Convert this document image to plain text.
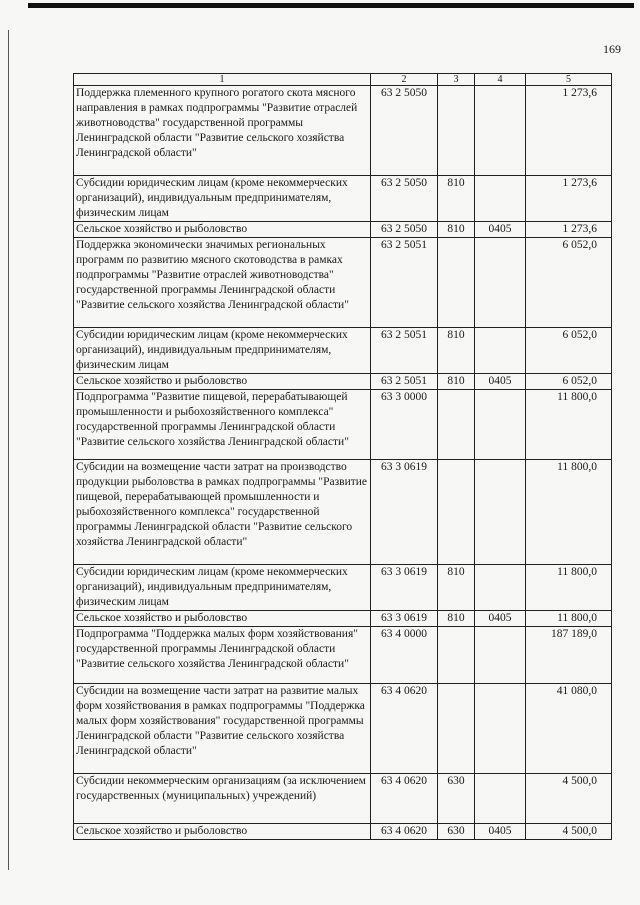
169
1	2	3	4	5
Поддержка племенного крупного рогатого скота мясного направления в рамках подпрограммы "Развитие отраслей животноводства" государственной программы Ленинградской области "Развитие сельского хозяйства Ленинградской области"	63 2 5050			1 273,6
Субсидии юридическим лицам (кроме некоммерческих организаций), индивидуальным предпринимателям, физическим лицам	63 2 5050	810		1 273,6
Сельское хозяйство и рыболовство	63 2 5050	810	0405	1 273,6
Поддержка экономически значимых региональных программ по развитию мясного скотоводства в рамках подпрограммы "Развитие отраслей животноводства" государственной программы Ленинградской области "Развитие сельского хозяйства Ленинградской области"	63 2 5051			6 052,0
Субсидии юридическим лицам (кроме некоммерческих организаций), индивидуальным предпринимателям, физическим лицам	63 2 5051	810		6 052,0
Сельское хозяйство и рыболовство	63 2 5051	810	0405	6 052,0
Подпрограмма "Развитие пищевой, перерабатывающей промышленности и рыбохозяйственного комплекса" государственной программы Ленинградской области "Развитие сельского хозяйства Ленинградской области"	63 3 0000			11 800,0
Субсидии на возмещение части затрат на производство продукции рыболовства в рамках подпрограммы "Развитие пищевой, перерабатывающей промышленности и рыбохозяйственного комплекса" государственной программы Ленинградской области "Развитие сельского хозяйства Ленинградской области"	63 3 0619			11 800,0
Субсидии юридическим лицам (кроме некоммерческих организаций), индивидуальным предпринимателям, физическим лицам	63 3 0619	810		11 800,0
Сельское хозяйство и рыболовство	63 3 0619	810	0405	11 800,0
Подпрограмма "Поддержка малых форм хозяйствования" государственной программы Ленинградской области "Развитие сельского хозяйства Ленинградской области"	63 4 0000			187 189,0
Субсидии на возмещение части затрат на развитие малых форм хозяйствования в рамках подпрограммы "Поддержка малых форм хозяйствования" государственной программы Ленинградской области "Развитие сельского хозяйства Ленинградской области"	63 4 0620			41 080,0
Субсидии некоммерческим организациям (за исключением государственных (муниципальных) учреждений)	63 4 0620	630		4 500,0
Сельское хозяйство и рыболовство	63 4 0620	630	0405	4 500,0
